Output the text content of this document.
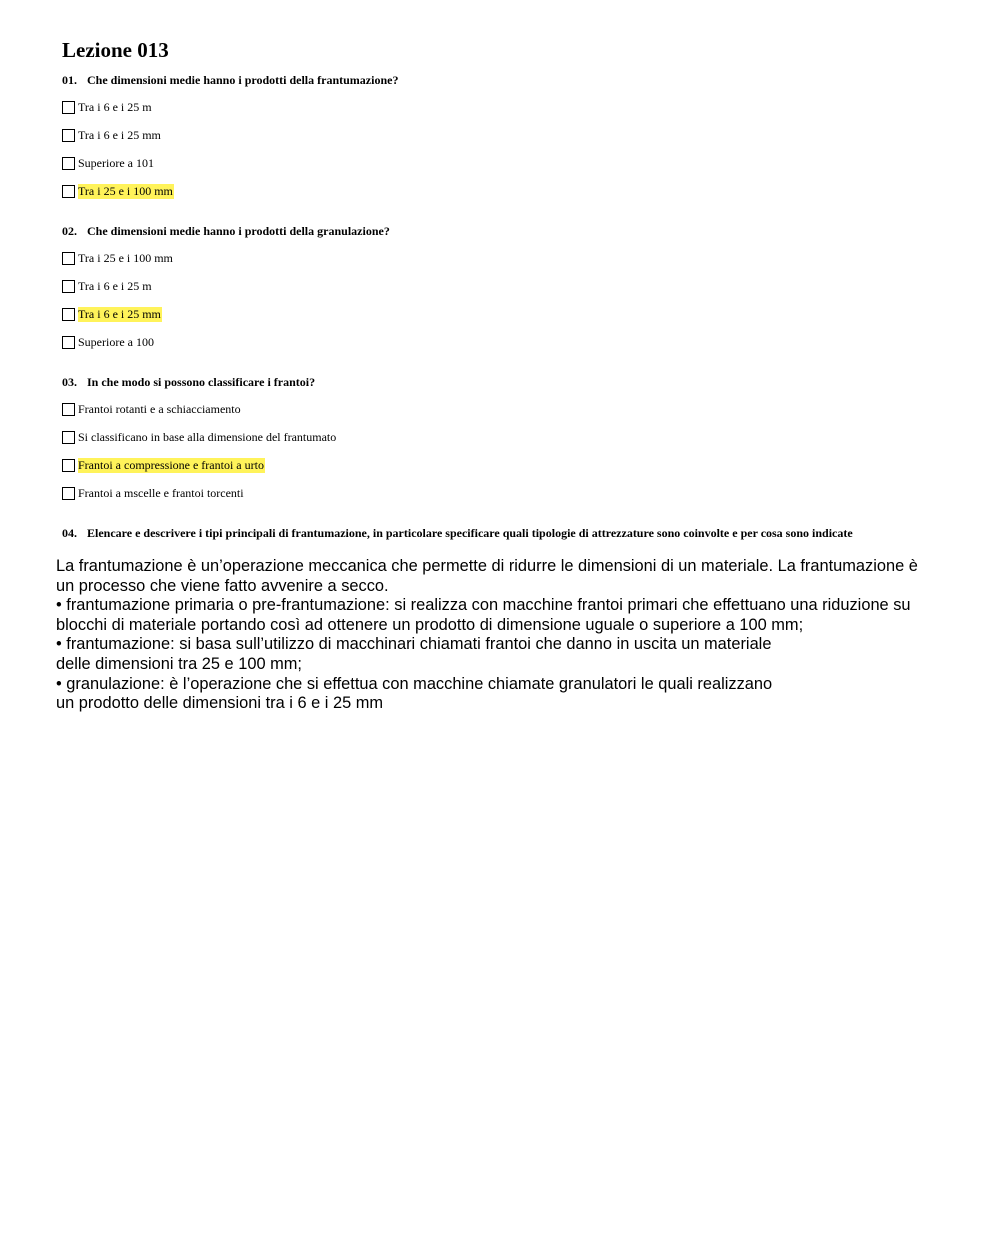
Lezione 013
01. Che dimensioni medie hanno i prodotti della frantumazione?
Tra i 6 e i 25 m
Tra i 6 e i 25 mm
Superiore a 101
Tra i 25 e i 100 mm
02. Che dimensioni medie hanno i prodotti della granulazione?
Tra i 25 e i 100 mm
Tra i 6 e i 25 m
Tra i 6 e i 25 mm
Superiore a 100
03. In che modo si possono classificare i frantoi?
Frantoi rotanti e a schiacciamento
Si classificano in base alla dimensione del frantumato
Frantoi a compressione e frantoi a urto
Frantoi a mscelle e frantoi torcenti
04. Elencare e descrivere i tipi principali di frantumazione, in particolare specificare quali tipologie di attrezzature sono coinvolte e per cosa sono indicate
La frantumazione è un’operazione meccanica che permette di ridurre le dimensioni di un materiale. La frantumazione è
un processo che viene fatto avvenire a secco.
• frantumazione primaria o pre-frantumazione: si realizza con macchine frantoi primari che effettuano una riduzione su
blocchi di materiale portando così ad ottenere un prodotto di dimensione uguale o superiore a 100 mm;
• frantumazione: si basa sull’utilizzo di macchinari chiamati frantoi che danno in uscita un materiale
delle dimensioni tra 25 e 100 mm;
• granulazione: è l’operazione che si effettua con macchine chiamate granulatori le quali realizzano
un prodotto delle dimensioni tra i 6 e i 25 mm
